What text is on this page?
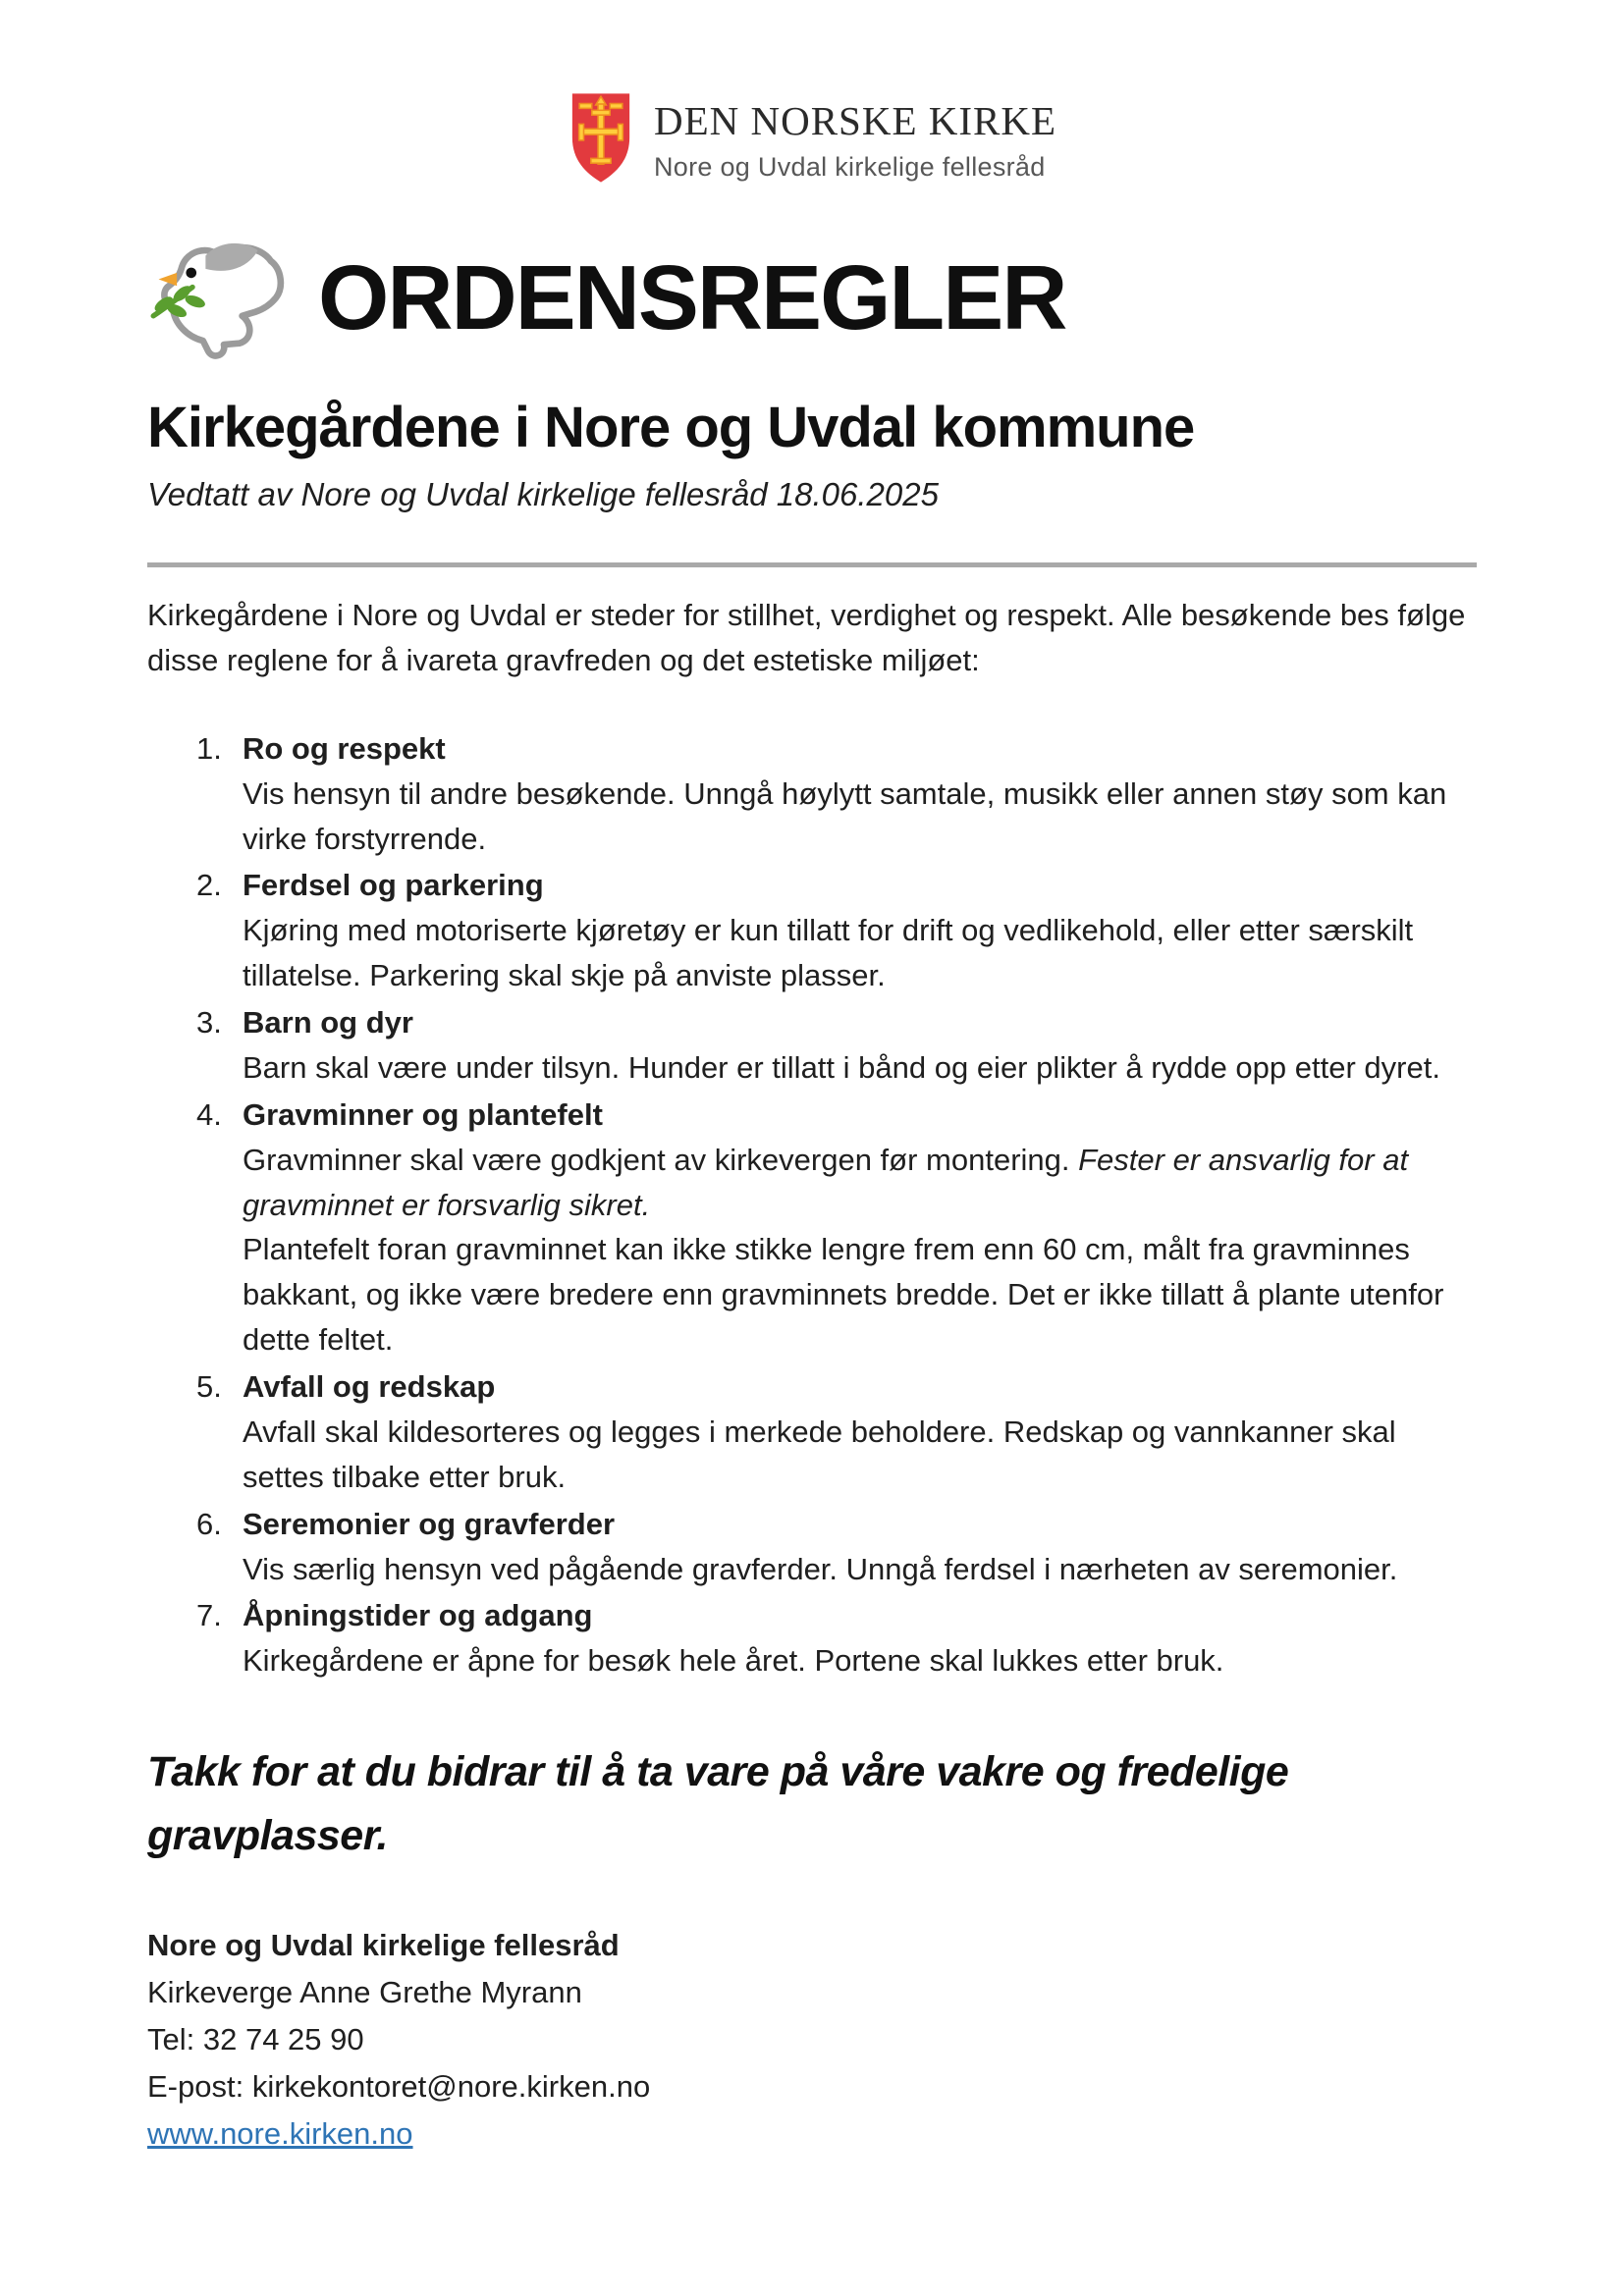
DEN NORSKE KIRKE
Nore og Uvdal kirkelige fellesråd
ORDENSREGLER
Kirkegårdene i Nore og Uvdal kommune

Vedtatt av Nore og Uvdal kirkelige fellesråd 18.06.2025

Kirkegårdene i Nore og Uvdal er steder for stillhet, verdighet og respekt. Alle besøkende bes følge disse reglene for å ivareta gravfreden og det estetiske miljøet:

1. Ro og respekt
Vis hensyn til andre besøkende. Unngå høylytt samtale, musikk eller annen støy som kan virke forstyrrende.
2. Ferdsel og parkering
Kjøring med motoriserte kjøretøy er kun tillatt for drift og vedlikehold, eller etter særskilt tillatelse. Parkering skal skje på anviste plasser.
3. Barn og dyr
Barn skal være under tilsyn. Hunder er tillatt i bånd og eier plikter å rydde opp etter dyret.
4. Gravminner og plantefelt
Gravminner skal være godkjent av kirkevergen før montering. Fester er ansvarlig for at gravminnet er forsvarlig sikret.
Plantefelt foran gravminnet kan ikke stikke lengre frem enn 60 cm, målt fra gravminnes bakkant, og ikke være bredere enn gravminnets bredde. Det er ikke tillatt å plante utenfor dette feltet.
5. Avfall og redskap
Avfall skal kildesorteres og legges i merkede beholdere. Redskap og vannkanner skal settes tilbake etter bruk.
6. Seremonier og gravferder
Vis særlig hensyn ved pågående gravferder. Unngå ferdsel i nærheten av seremonier.
7. Åpningstider og adgang
Kirkegårdene er åpne for besøk hele året. Portene skal lukkes etter bruk.

Takk for at du bidrar til å ta vare på våre vakre og fredelige gravplasser.

Nore og Uvdal kirkelige fellesråd
Kirkeverge Anne Grethe Myrann
Tel: 32 74 25 90
E-post: kirkekontoret@nore.kirken.no
www.nore.kirken.no
